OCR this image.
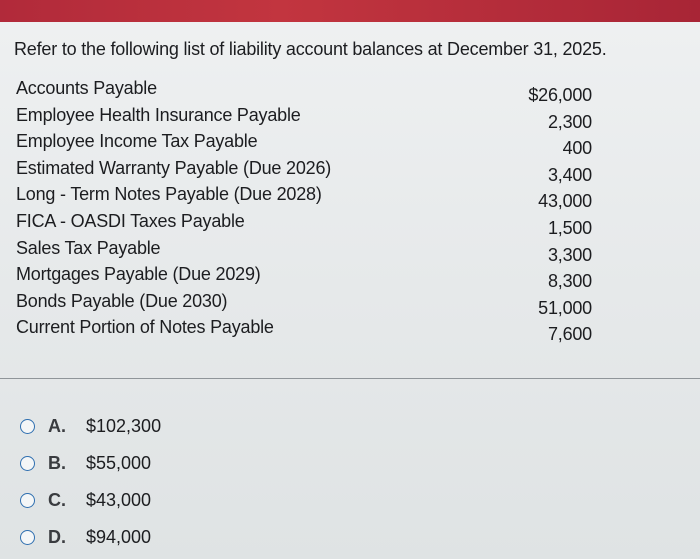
Refer to the following list of liability account balances at December 31, 2025.
Accounts Payable	$26,000
Employee Health Insurance Payable	2,300
Employee Income Tax Payable	400
Estimated Warranty Payable (Due 2026)	3,400
Long - Term Notes Payable (Due 2028)	43,000
FICA - OASDI Taxes Payable	1,500
Sales Tax Payable	3,300
Mortgages Payable (Due 2029)	8,300
Bonds Payable (Due 2030)	51,000
Current Portion of Notes Payable	7,600
A.	$102,300
B.	$55,000
C.	$43,000
D.	$94,000
